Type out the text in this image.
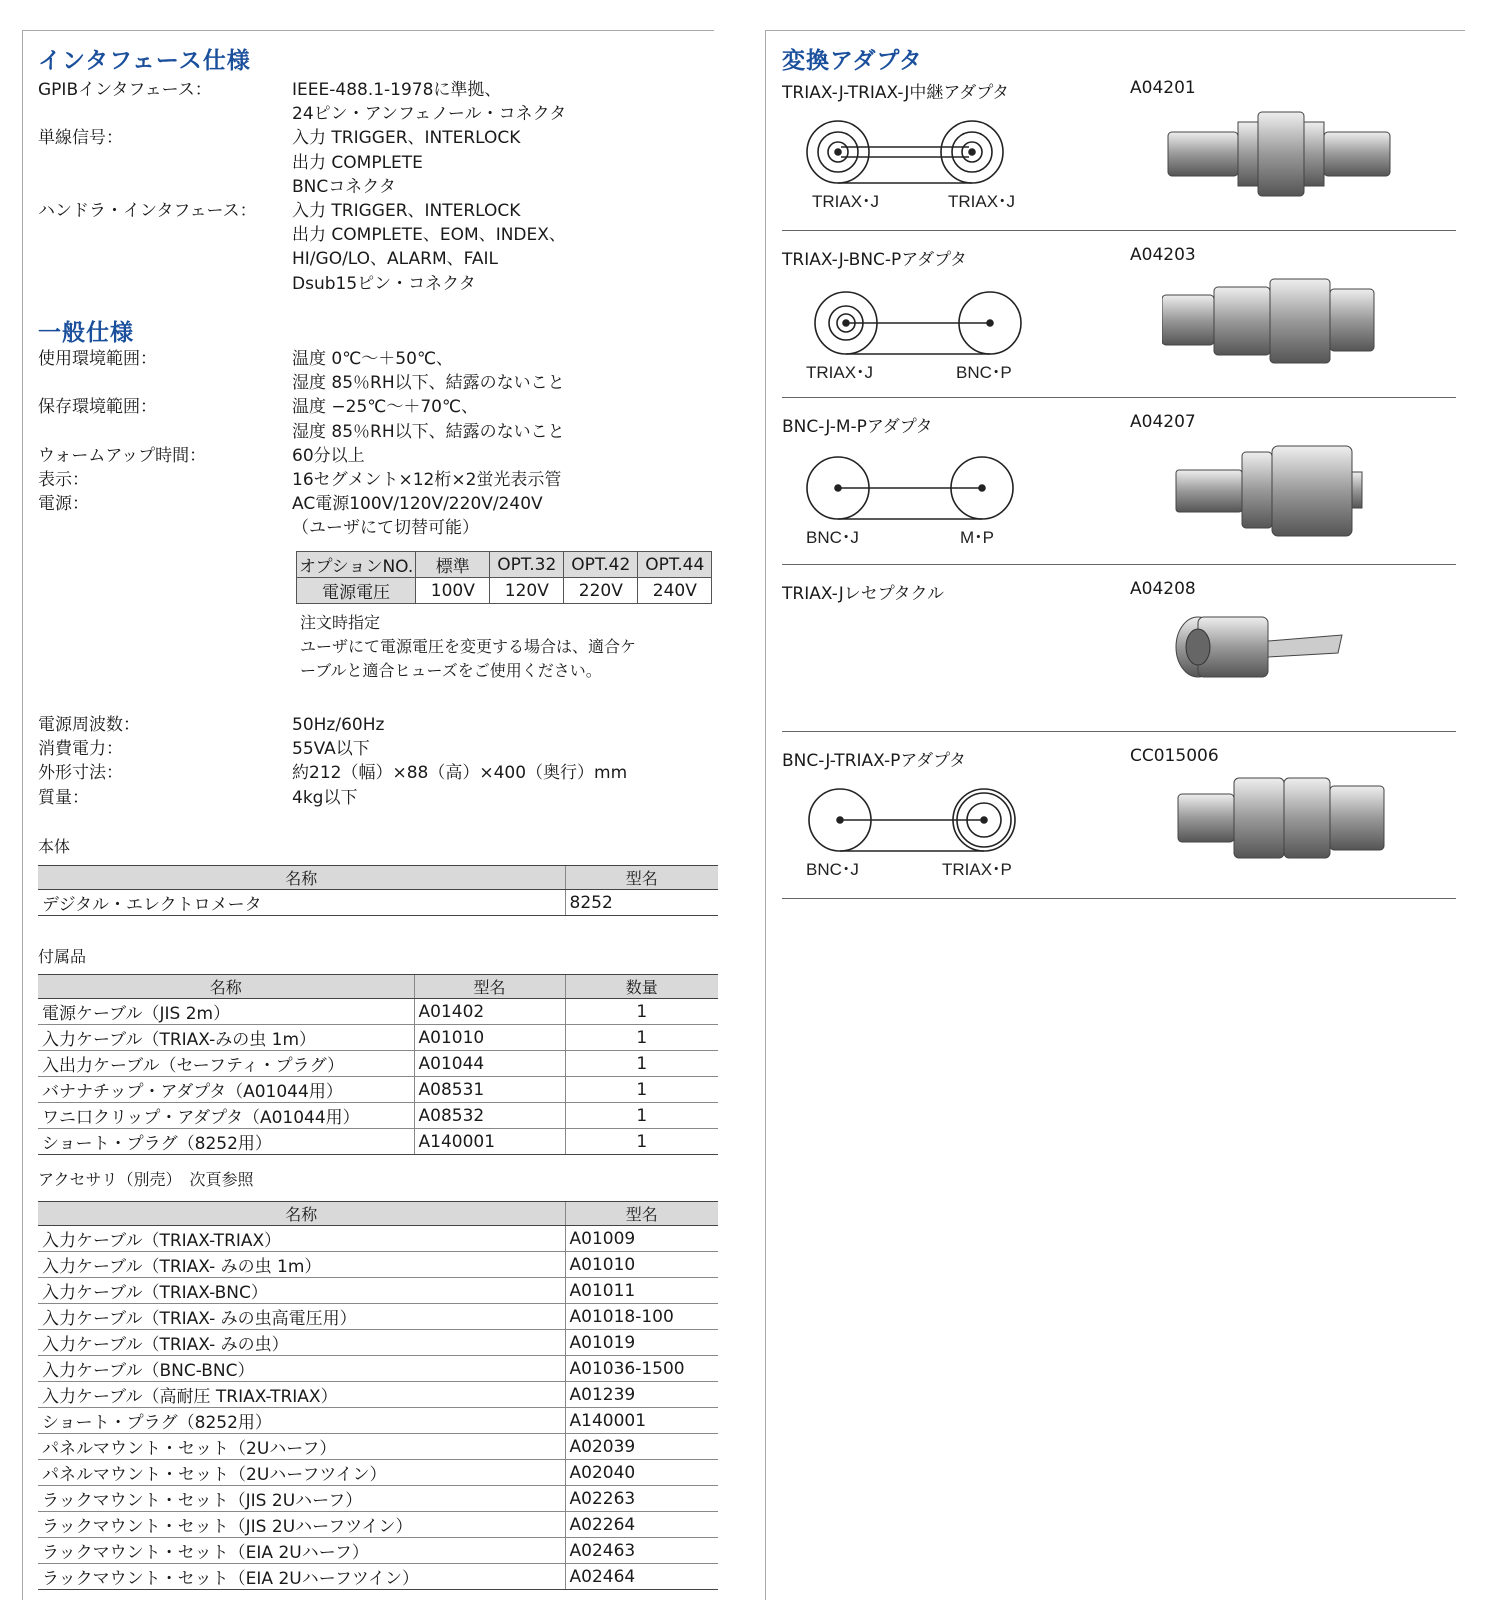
インタフェース仕様
GPIBインタフェース：	IEEE-488.1-1978に準拠、
24ピン・アンフェノール・コネクタ
単線信号：	入力 TRIGGER、INTERLOCK
出力 COMPLETE
BNCコネクタ
ハンドラ・インタフェース：	入力 TRIGGER、INTERLOCK
出力 COMPLETE、EOM、INDEX、
HI/GO/LO、ALARM、FAIL
Dsub15ピン・コネクタ
一般仕様
使用環境範囲：	温度 0℃～＋50℃、
湿度 85％RH以下、結露のないこと
保存環境範囲：	温度 −25℃～＋70℃、
湿度 85％RH以下、結露のないこと
ウォームアップ時間：	60分以上
表示：	16セグメント×12桁×2蛍光表示管
電源：	AC電源100V/120V/220V/240V
（ユーザにて切替可能）
オプションNO.	標準	OPT.32	OPT.42	OPT.44
電源電圧	100V	120V	220V	240V
注文時指定
ユーザにて電源電圧を変更する場合は、適合ケ
ーブルと適合ヒューズをご使用ください。
電源周波数：	50Hz/60Hz
消費電力：	55VA以下
外形寸法：	約212（幅）×88（高）×400（奥行）mm
質量：	4kg以下
本体
名称	型名
デジタル・エレクトロメータ	8252
付属品
名称	型名	数量
電源ケーブル（JIS 2m）	A01402	1
入力ケーブル（TRIAX-みの虫 1m）	A01010	1
入出力ケーブル（セーフティ・プラグ）	A01044	1
バナナチップ・アダプタ（A01044用）	A08531	1
ワニ口クリップ・アダプタ（A01044用）	A08532	1
ショート・プラグ（8252用）	A140001	1
アクセサリ（別売）　次頁参照
名称	型名
入力ケーブル（TRIAX-TRIAX）	A01009
入力ケーブル（TRIAX- みの虫 1m）	A01010
入力ケーブル（TRIAX-BNC）	A01011
入力ケーブル（TRIAX- みの虫高電圧用）	A01018-100
入力ケーブル（TRIAX- みの虫）	A01019
入力ケーブル（BNC-BNC）	A01036-1500
入力ケーブル（高耐圧 TRIAX-TRIAX）	A01239
ショート・プラグ（8252用）	A140001
パネルマウント・セット（2Uハーフ）	A02039
パネルマウント・セット（2Uハーフツイン）	A02040
ラックマウント・セット（JIS 2Uハーフ）	A02263
ラックマウント・セット（JIS 2Uハーフツイン）	A02264
ラックマウント・セット（EIA 2Uハーフ）	A02463
ラックマウント・セット（EIA 2Uハーフツイン）	A02464
変換アダプタ
TRIAX-J-TRIAX-J中継アダプタ	A04201
TRIAX･J	TRIAX･J
TRIAX-J-BNC-Pアダプタ	A04203
TRIAX･J	BNC･P
BNC-J-M-Pアダプタ	A04207
BNC･J	M･P
TRIAX-Jレセプタクル	A04208
BNC-J-TRIAX-Pアダプタ	CC015006
BNC･J	TRIAX･P
